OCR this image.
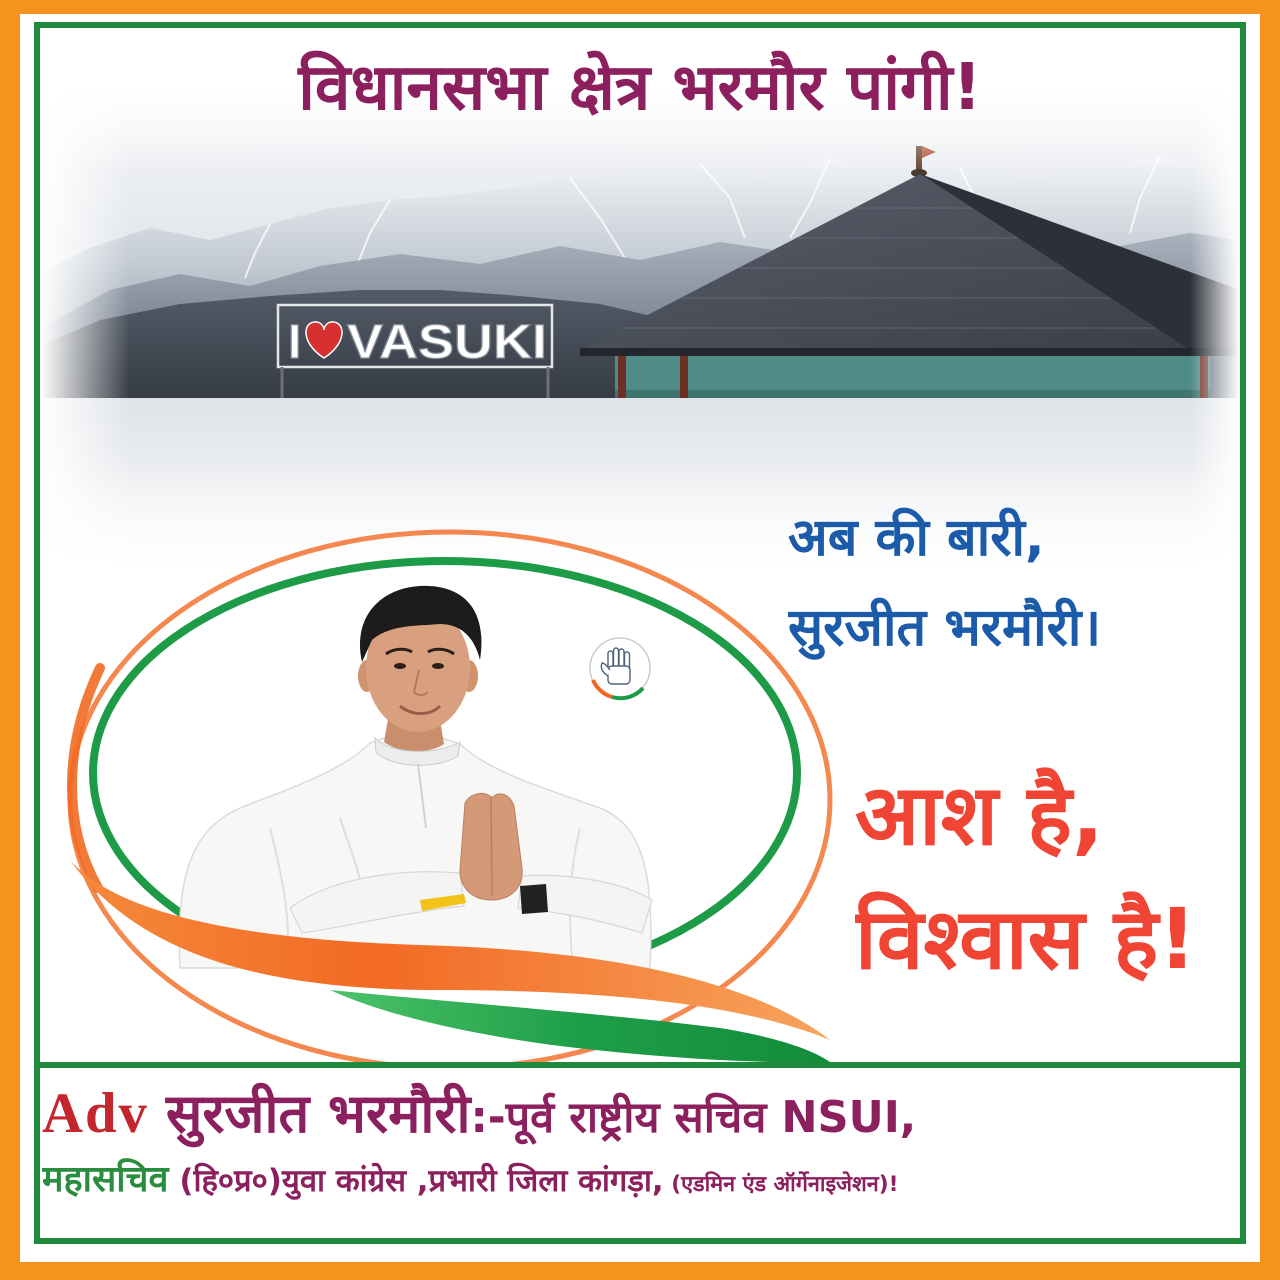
I VASUKI
विधानसभा क्षेत्र भरमौर पांगी!
अब की बारी,
सुरजीत भरमौरी।
आश है,
विश्वास है!
Adv सुरजीत भरमौरी :-पूर्व राष्ट्रीय सचिव NSUI,
महासचिव (हि०प्र०)युवा कांग्रेस ,प्रभारी जिला कांगड़ा, (एडमिन एंड ऑर्गेनाइजेशन)!
